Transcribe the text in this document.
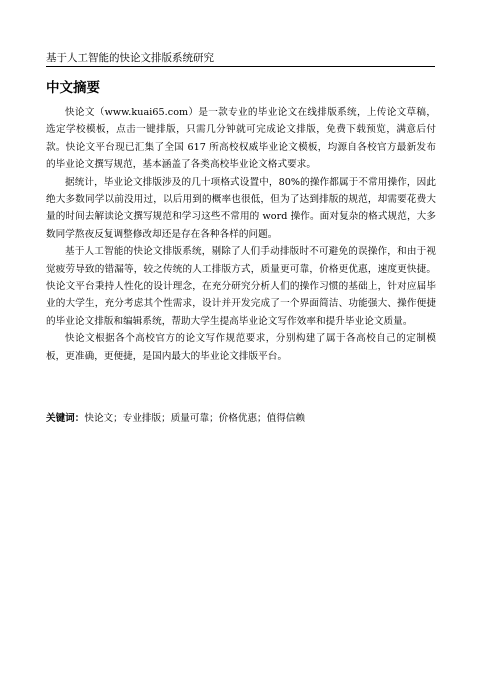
基于人工智能的快论文排版系统研究
中文摘要

快论文（www.kuai65.com）是一款专业的毕业论文在线排版系统，上传论文草稿，选定学校模板，点击一键排版，只需几分钟就可完成论文排版，免费下载预览，满意后付款。快论文平台现已汇集了全国 617 所高校权威毕业论文模板，均源自各校官方最新发布的毕业论文撰写规范，基本涵盖了各类高校毕业论文格式要求。

据统计，毕业论文排版涉及的几十项格式设置中，80%的操作都属于不常用操作，因此绝大多数同学以前没用过，以后用到的概率也很低，但为了达到排版的规范，却需要花费大量的时间去解读论文撰写规范和学习这些不常用的 word 操作。面对复杂的格式规范，大多数同学熬夜反复调整修改却还是存在各种各样的问题。

基于人工智能的快论文排版系统，剔除了人们手动排版时不可避免的误操作，和由于视觉疲劳导致的错漏等，较之传统的人工排版方式，质量更可靠，价格更优惠，速度更快捷。快论文平台秉持人性化的设计理念，在充分研究分析人们的操作习惯的基础上，针对应届毕业的大学生，充分考虑其个性需求，设计并开发完成了一个界面简洁、功能强大、操作便捷的毕业论文排版和编辑系统，帮助大学生提高毕业论文写作效率和提升毕业论文质量。

快论文根据各个高校官方的论文写作规范要求，分别构建了属于各高校自己的定制模板，更准确，更便捷，是国内最大的毕业论文排版平台。

关键词：快论文；专业排版；质量可靠；价格优惠；值得信赖
